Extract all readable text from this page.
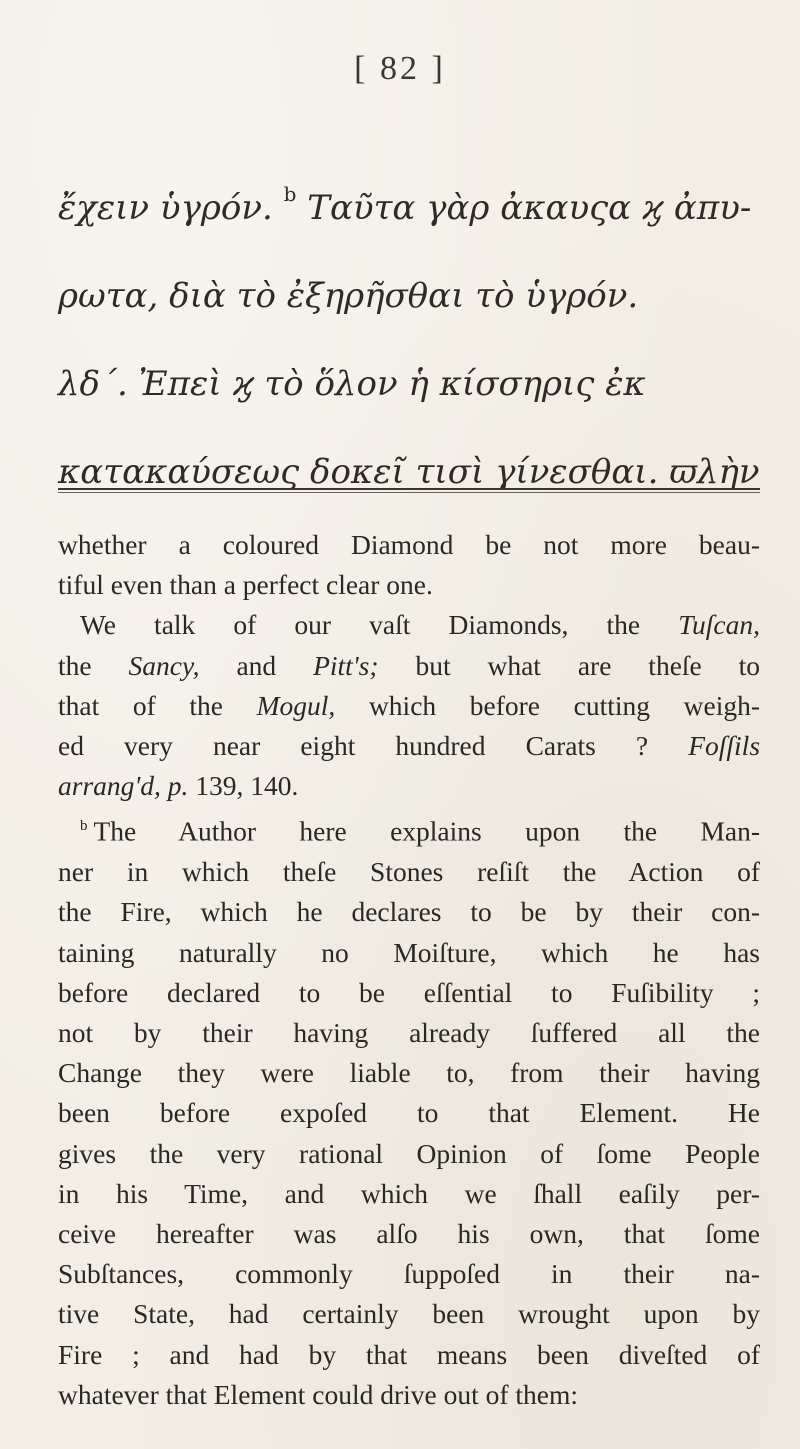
[ 82 ]
ἔχειν ὑγρόν. $^b$ Ταῦτα γὰρ ἀκαυςα ϗ ἀπυ-
ρωτα, διὰ τὸ ἐξηρῆσθαι τὸ ὑγρόν.
λδ΄. Ἐπεὶ ϗ τὸ ὅλον ἡ κίσσηρις ἐκ
κατακαύσεως δοκεῖ τισὶ γίνεσθαι. ϖλὴν
whether a coloured Diamond be not more beau-
tiful even than a perfect clear one.
We talk of our vaſt Diamonds, the Tuſcan,
the Sancy, and Pitt's; but what are theſe to
that of the Mogul, which before cutting weigh-
ed very near eight hundred Carats ? Foſſils
arrang'd, p. 139, 140.
$^b$ The Author here explains upon the Man-
ner in which theſe Stones reſiſt the Action of
the Fire, which he declares to be by their con-
taining naturally no Moiſture, which he has
before declared to be eſſential to Fuſibility ;
not by their having already ſuffered all the
Change they were liable to, from their having
been before expoſed to that Element. He
gives the very rational Opinion of ſome People
in his Time, and which we ſhall eaſily per-
ceive hereafter was alſo his own, that ſome
Subſtances, commonly ſuppoſed in their na-
tive State, had certainly been wrought upon by
Fire ; and had by that means been diveſted of
whatever that Element could drive out of them:
